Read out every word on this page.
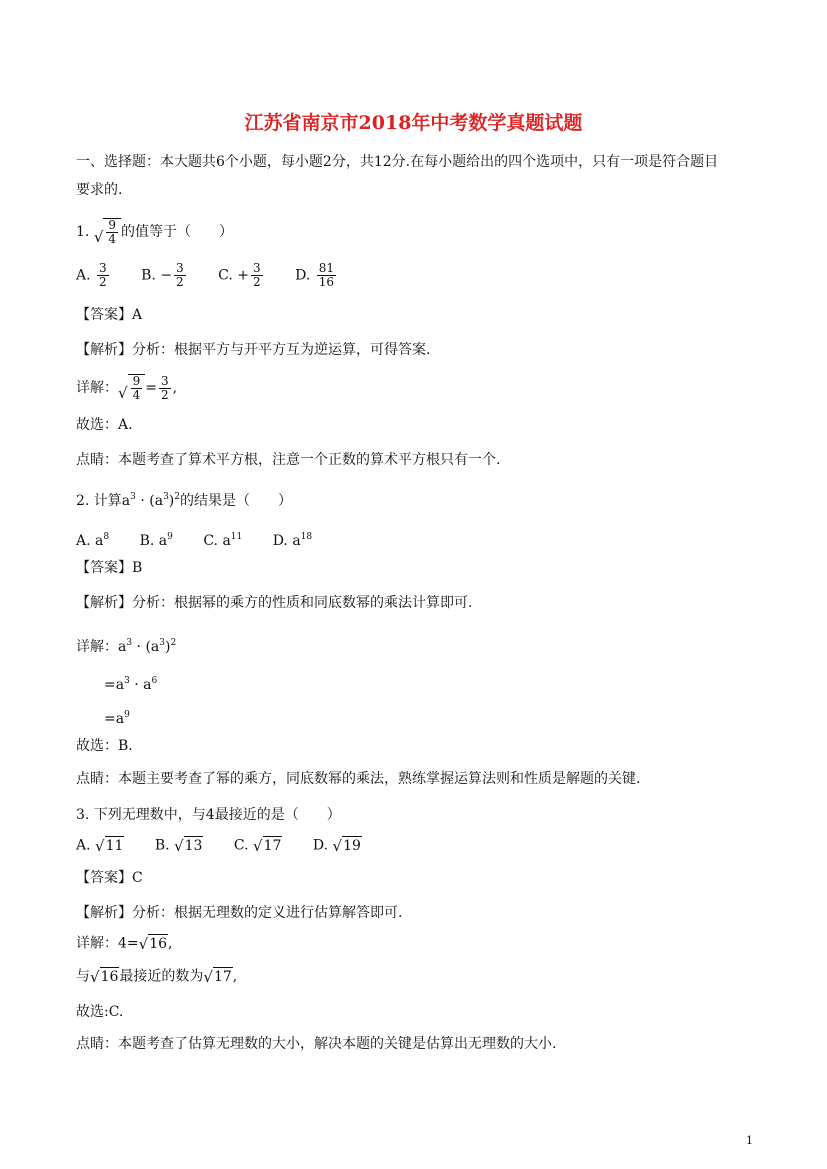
江苏省南京市2018年中考数学真题试题
一、选择题：本大题共6个小题，每小题2分，共12分.在每小题给出的四个选项中，只有一项是符合题目
要求的.
1. √ $\frac{9}{4}$ 的值等于（　　）
A. $\frac{3}{2} B$. − $\frac{3}{2} C$. + $\frac{3}{2} D$. $\frac{81}{16}$
【答案】A
【解析】分析：根据平方与开平方互为逆运算，可得答案.
详解： √ $\frac{9}{4} = \frac{3}{2}$ ,
故选：A.
点睛：本题考查了算术平方根，注意一个正数的算术平方根只有一个.
2. 计算$a^3 \cdot (a^3)^2$的结果是（　　）
A. $a^8$ B. $a^9$ C. $a^{11}$ D. $a^{18}$
【答案】B
【解析】分析：根据幂的乘方的性质和同底数幂的乘法计算即可.
详解：$a^3 \cdot (a^3)^2$
$=a^3 \cdot a^6$
$=a^9$
故选：B.
点睛：本题主要考查了幂的乘方，同底数幂的乘法，熟练掌握运算法则和性质是解题的关键.
3. 下列无理数中，与4最接近的是（　　）
A. √ 11 B. √ 13 C. √ 17 D. √ 19
【答案】C
【解析】分析：根据无理数的定义进行估算解答即可.
详解：4= √ 16 ,
与 √ 16 最接近的数为 √ 17 ,
故选:C.
点睛：本题考查了估算无理数的大小，解决本题的关键是估算出无理数的大小.
1
